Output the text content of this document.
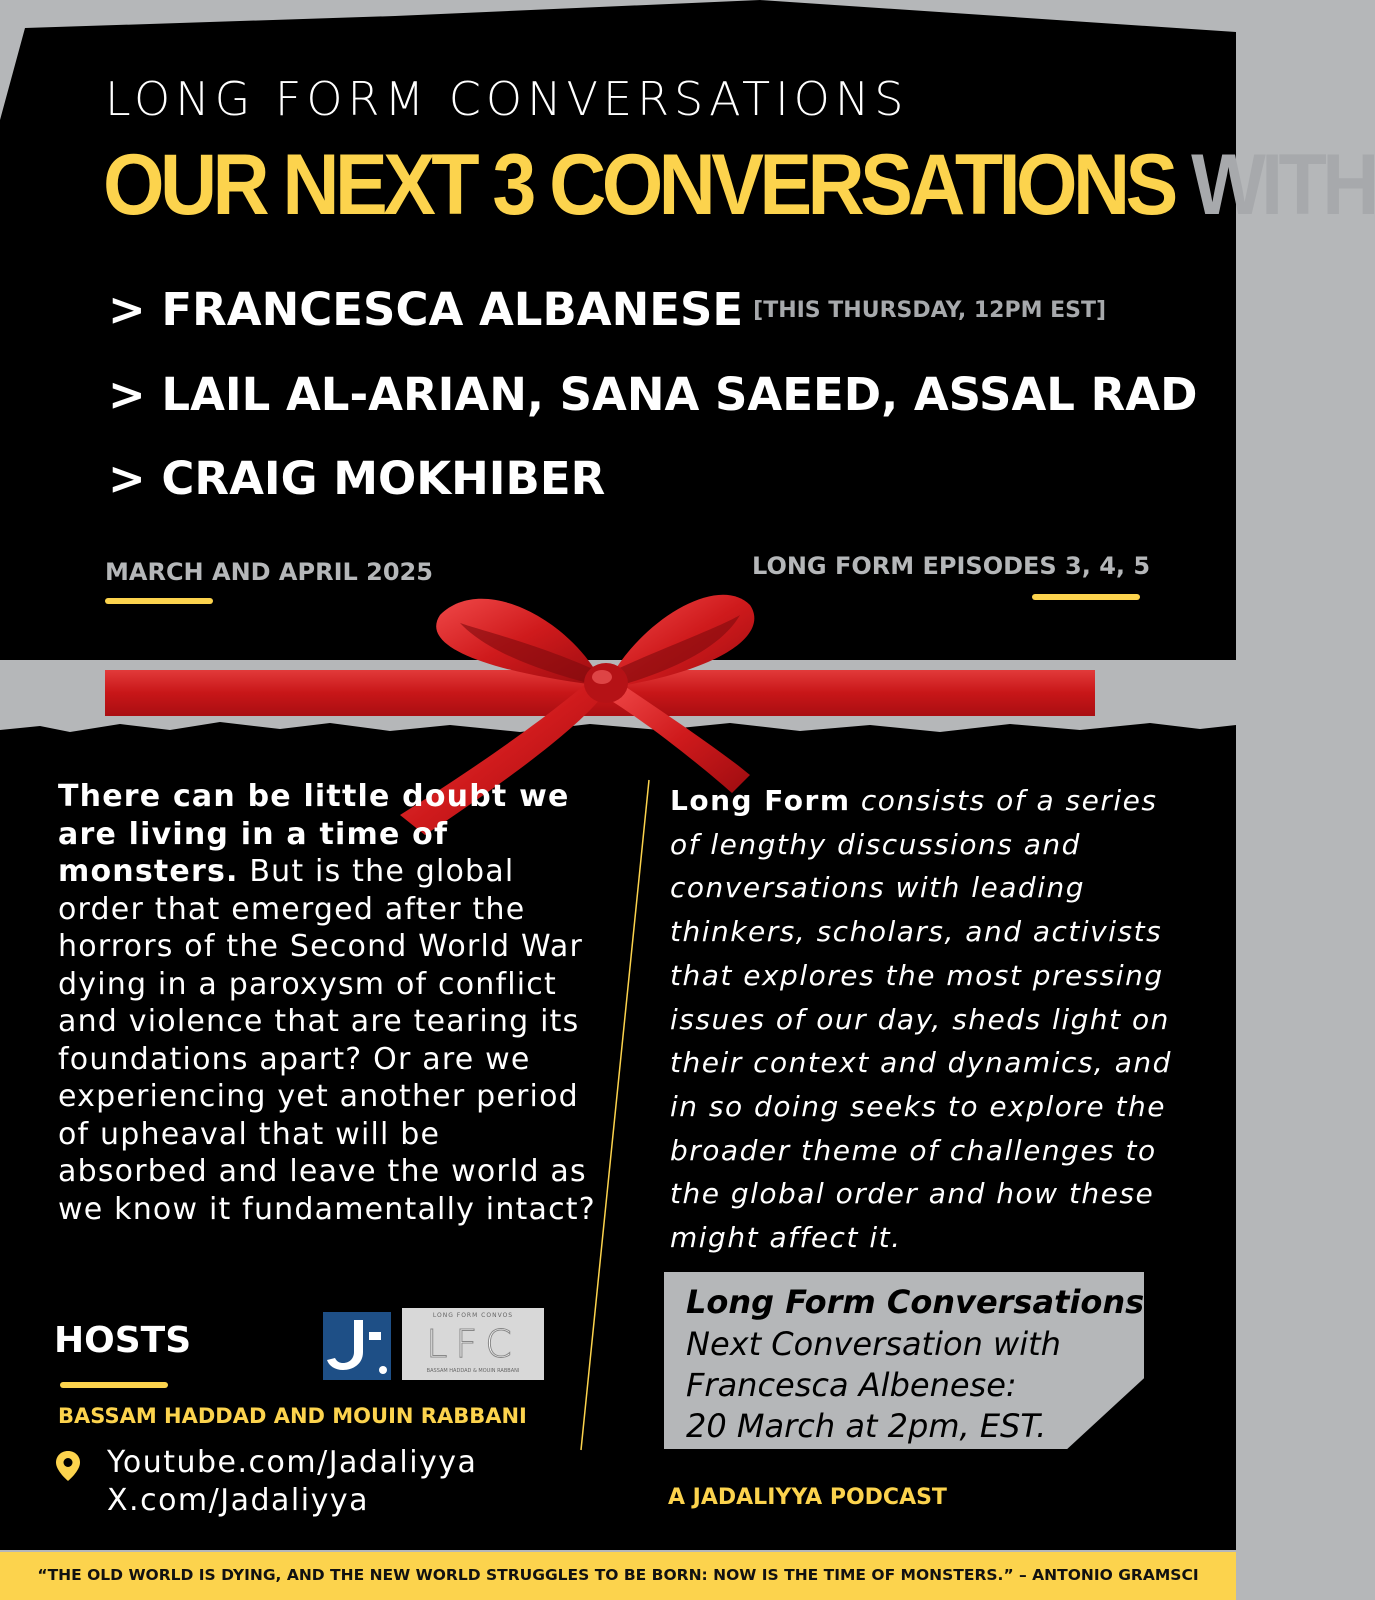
LONG FORM CONVERSATIONS
OUR NEXT 3 CONVERSATIONS WITH
> FRANCESCA ALBANESE [THIS THURSDAY, 12PM EST]
> LAIL AL-ARIAN, SANA SAEED, ASSAL RAD
> CRAIG MOKHIBER
MARCH AND APRIL 2025	LONG FORM EPISODES 3, 4, 5
There can be little doubt we are living in a time of monsters. But is the global order that emerged after the horrors of the Second World War dying in a paroxysm of conflict and violence that are tearing its foundations apart? Or are we experiencing yet another period of upheaval that will be absorbed and leave the world as we know it fundamentally intact?
Long Form consists of a series of lengthy discussions and conversations with leading thinkers, scholars, and activists that explores the most pressing issues of our day, sheds light on their context and dynamics, and in so doing seeks to explore the broader theme of challenges to the global order and how these might affect it.
Long Form Conversations
Next Conversation with
Francesca Albenese:
20 March at 2pm, EST.
HOSTS
BASSAM HADDAD AND MOUIN RABBANI
LFC
LONG FORM CONVOS
BASSAM HADDAD & MOUIN RABBANI
Youtube.com/Jadaliyya
X.com/Jadaliyya	A JADALIYYA PODCAST
“THE OLD WORLD IS DYING, AND THE NEW WORLD STRUGGLES TO BE BORN: NOW IS THE TIME OF MONSTERS.” – ANTONIO GRAMSCI
